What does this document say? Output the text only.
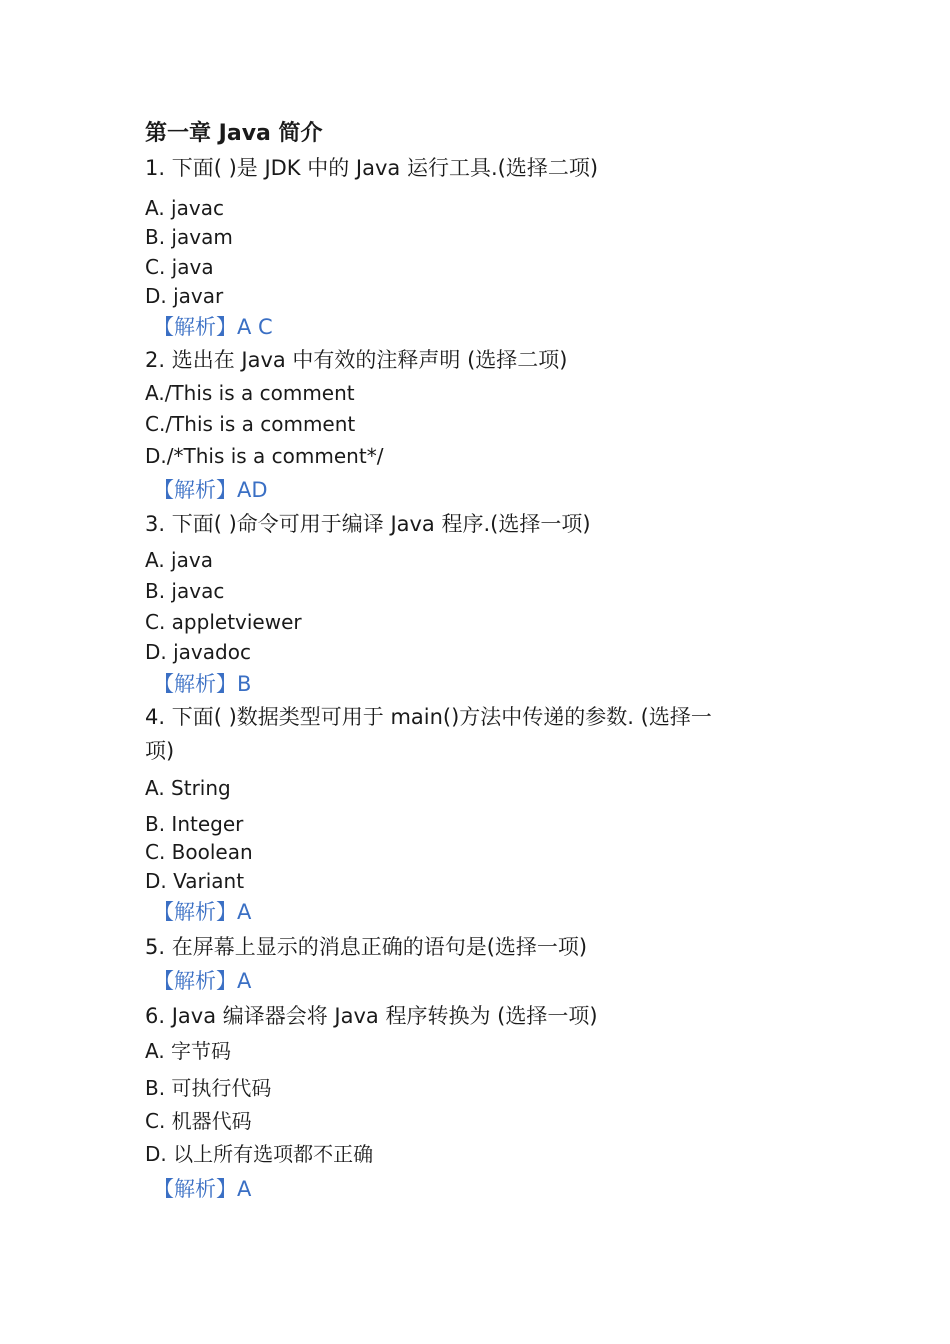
第一章 Java 简介
1. 下面( )是 JDK 中的 Java 运行工具.(选择二项)
A. javac
B. javam
C. java
D. javar
【解析】A C
2. 选出在 Java 中有效的注释声明 (选择二项)
A./This is a comment
C./This is a comment
D./*This is a comment*/
【解析】AD
3. 下面( )命令可用于编译 Java 程序.(选择一项)
A. java
B. javac
C. appletviewer
D. javadoc
【解析】B
4. 下面( )数据类型可用于 main()方法中传递的参数. (选择一
项)
A. String
B. Integer
C. Boolean
D. Variant
【解析】A
5. 在屏幕上显示的消息正确的语句是(选择一项)
【解析】A
6. Java 编译器会将 Java 程序转换为 (选择一项)
A. 字节码
B. 可执行代码
C. 机器代码
D. 以上所有选项都不正确
【解析】A
